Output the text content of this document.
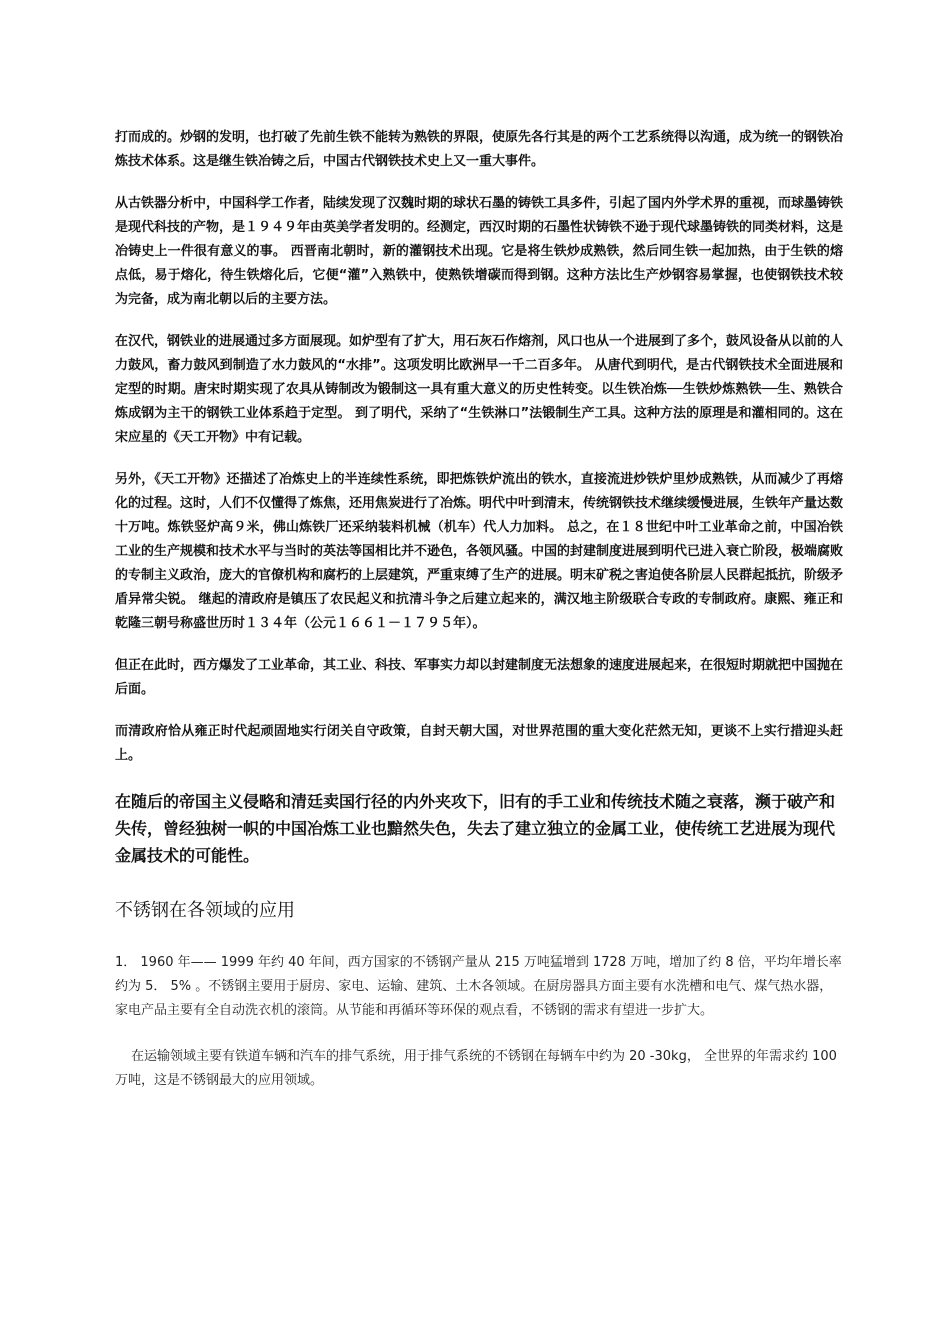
打而成的。炒钢的发明，也打破了先前生铁不能转为熟铁的界限，使原先各行其是的两个工艺系统得以沟通，成为统一的钢铁冶炼技术体系。这是继生铁冶铸之后，中国古代钢铁技术史上又一重大事件。

从古铁器分析中，中国科学工作者，陆续发现了汉魏时期的球状石墨的铸铁工具多件，引起了国内外学术界的重视，而球墨铸铁是现代科技的产物，是１９４９年由英美学者发明的。经测定，西汉时期的石墨性状铸铁不逊于现代球墨铸铁的同类材料，这是冶铸史上一件很有意义的事。 西晋南北朝时，新的灌钢技术出现。它是将生铁炒成熟铁，然后同生铁一起加热，由于生铁的熔点低，易于熔化，待生铁熔化后，它便“灌”入熟铁中，使熟铁增碳而得到钢。这种方法比生产炒钢容易掌握，也使钢铁技术较为完备，成为南北朝以后的主要方法。

在汉代，钢铁业的进展通过多方面展现。如炉型有了扩大，用石灰石作熔剂，风口也从一个进展到了多个，鼓风设备从以前的人力鼓风，畜力鼓风到制造了水力鼓风的“水排”。这项发明比欧洲早一千二百多年。 从唐代到明代，是古代钢铁技术全面进展和定型的时期。唐宋时期实现了农具从铸制改为锻制这一具有重大意义的历史性转变。以生铁冶炼──生铁炒炼熟铁──生、熟铁合炼成钢为主干的钢铁工业体系趋于定型。 到了明代，采纳了“生铁淋口”法锻制生产工具。这种方法的原理是和灌相同的。这在宋应星的《天工开物》中有记载。

另外，《天工开物》还描述了冶炼史上的半连续性系统，即把炼铁炉流出的铁水，直接流进炒铁炉里炒成熟铁，从而减少了再熔化的过程。这时，人们不仅懂得了炼焦，还用焦炭进行了冶炼。明代中叶到清末，传统钢铁技术继续缓慢进展，生铁年产量达数十万吨。炼铁竖炉高９米，佛山炼铁厂还采纳装料机械（机车）代人力加料。 总之，在１８世纪中叶工业革命之前，中国冶铁工业的生产规模和技术水平与当时的英法等国相比并不逊色，各领风骚。中国的封建制度进展到明代已进入衰亡阶段，极端腐败的专制主义政治，庞大的官僚机构和腐朽的上层建筑，严重束缚了生产的进展。明末矿税之害迫使各阶层人民群起抵抗，阶级矛盾异常尖锐。 继起的清政府是镇压了农民起义和抗清斗争之后建立起来的，满汉地主阶级联合专政的专制政府。康熙、雍正和乾隆三朝号称盛世历时１３４年（公元１６６１－１７９５年）。

但正在此时，西方爆发了工业革命，其工业、科技、军事实力却以封建制度无法想象的速度进展起来，在很短时期就把中国抛在后面。

而清政府恰从雍正时代起顽固地实行闭关自守政策，自封天朝大国，对世界范围的重大变化茫然无知，更谈不上实行措迎头赶上。

在随后的帝国主义侵略和清廷卖国行径的内外夹攻下，旧有的手工业和传统技术随之衰落，濒于破产和失传，曾经独树一帜的中国冶炼工业也黯然失色，失去了建立独立的金属工业，使传统工艺进展为现代金属技术的可能性。

不锈钢在各领域的应用

1． 1960 年—— 1999 年约 40 年间，西方国家的不锈钢产量从 215 万吨猛增到 1728 万吨，增加了约 8 倍，平均年增长率约为 5． 5% 。不锈钢主要用于厨房、家电、运输、建筑、土木各领域。在厨房器具方面主要有水洗槽和电气、煤气热水器，家电产品主要有全自动洗衣机的滚筒。从节能和再循环等环保的观点看，不锈钢的需求有望进一步扩大。

在运输领域主要有铁道车辆和汽车的排气系统，用于排气系统的不锈钢在每辆车中约为 20 -30kg， 全世界的年需求约 100 万吨，这是不锈钢最大的应用领域。
